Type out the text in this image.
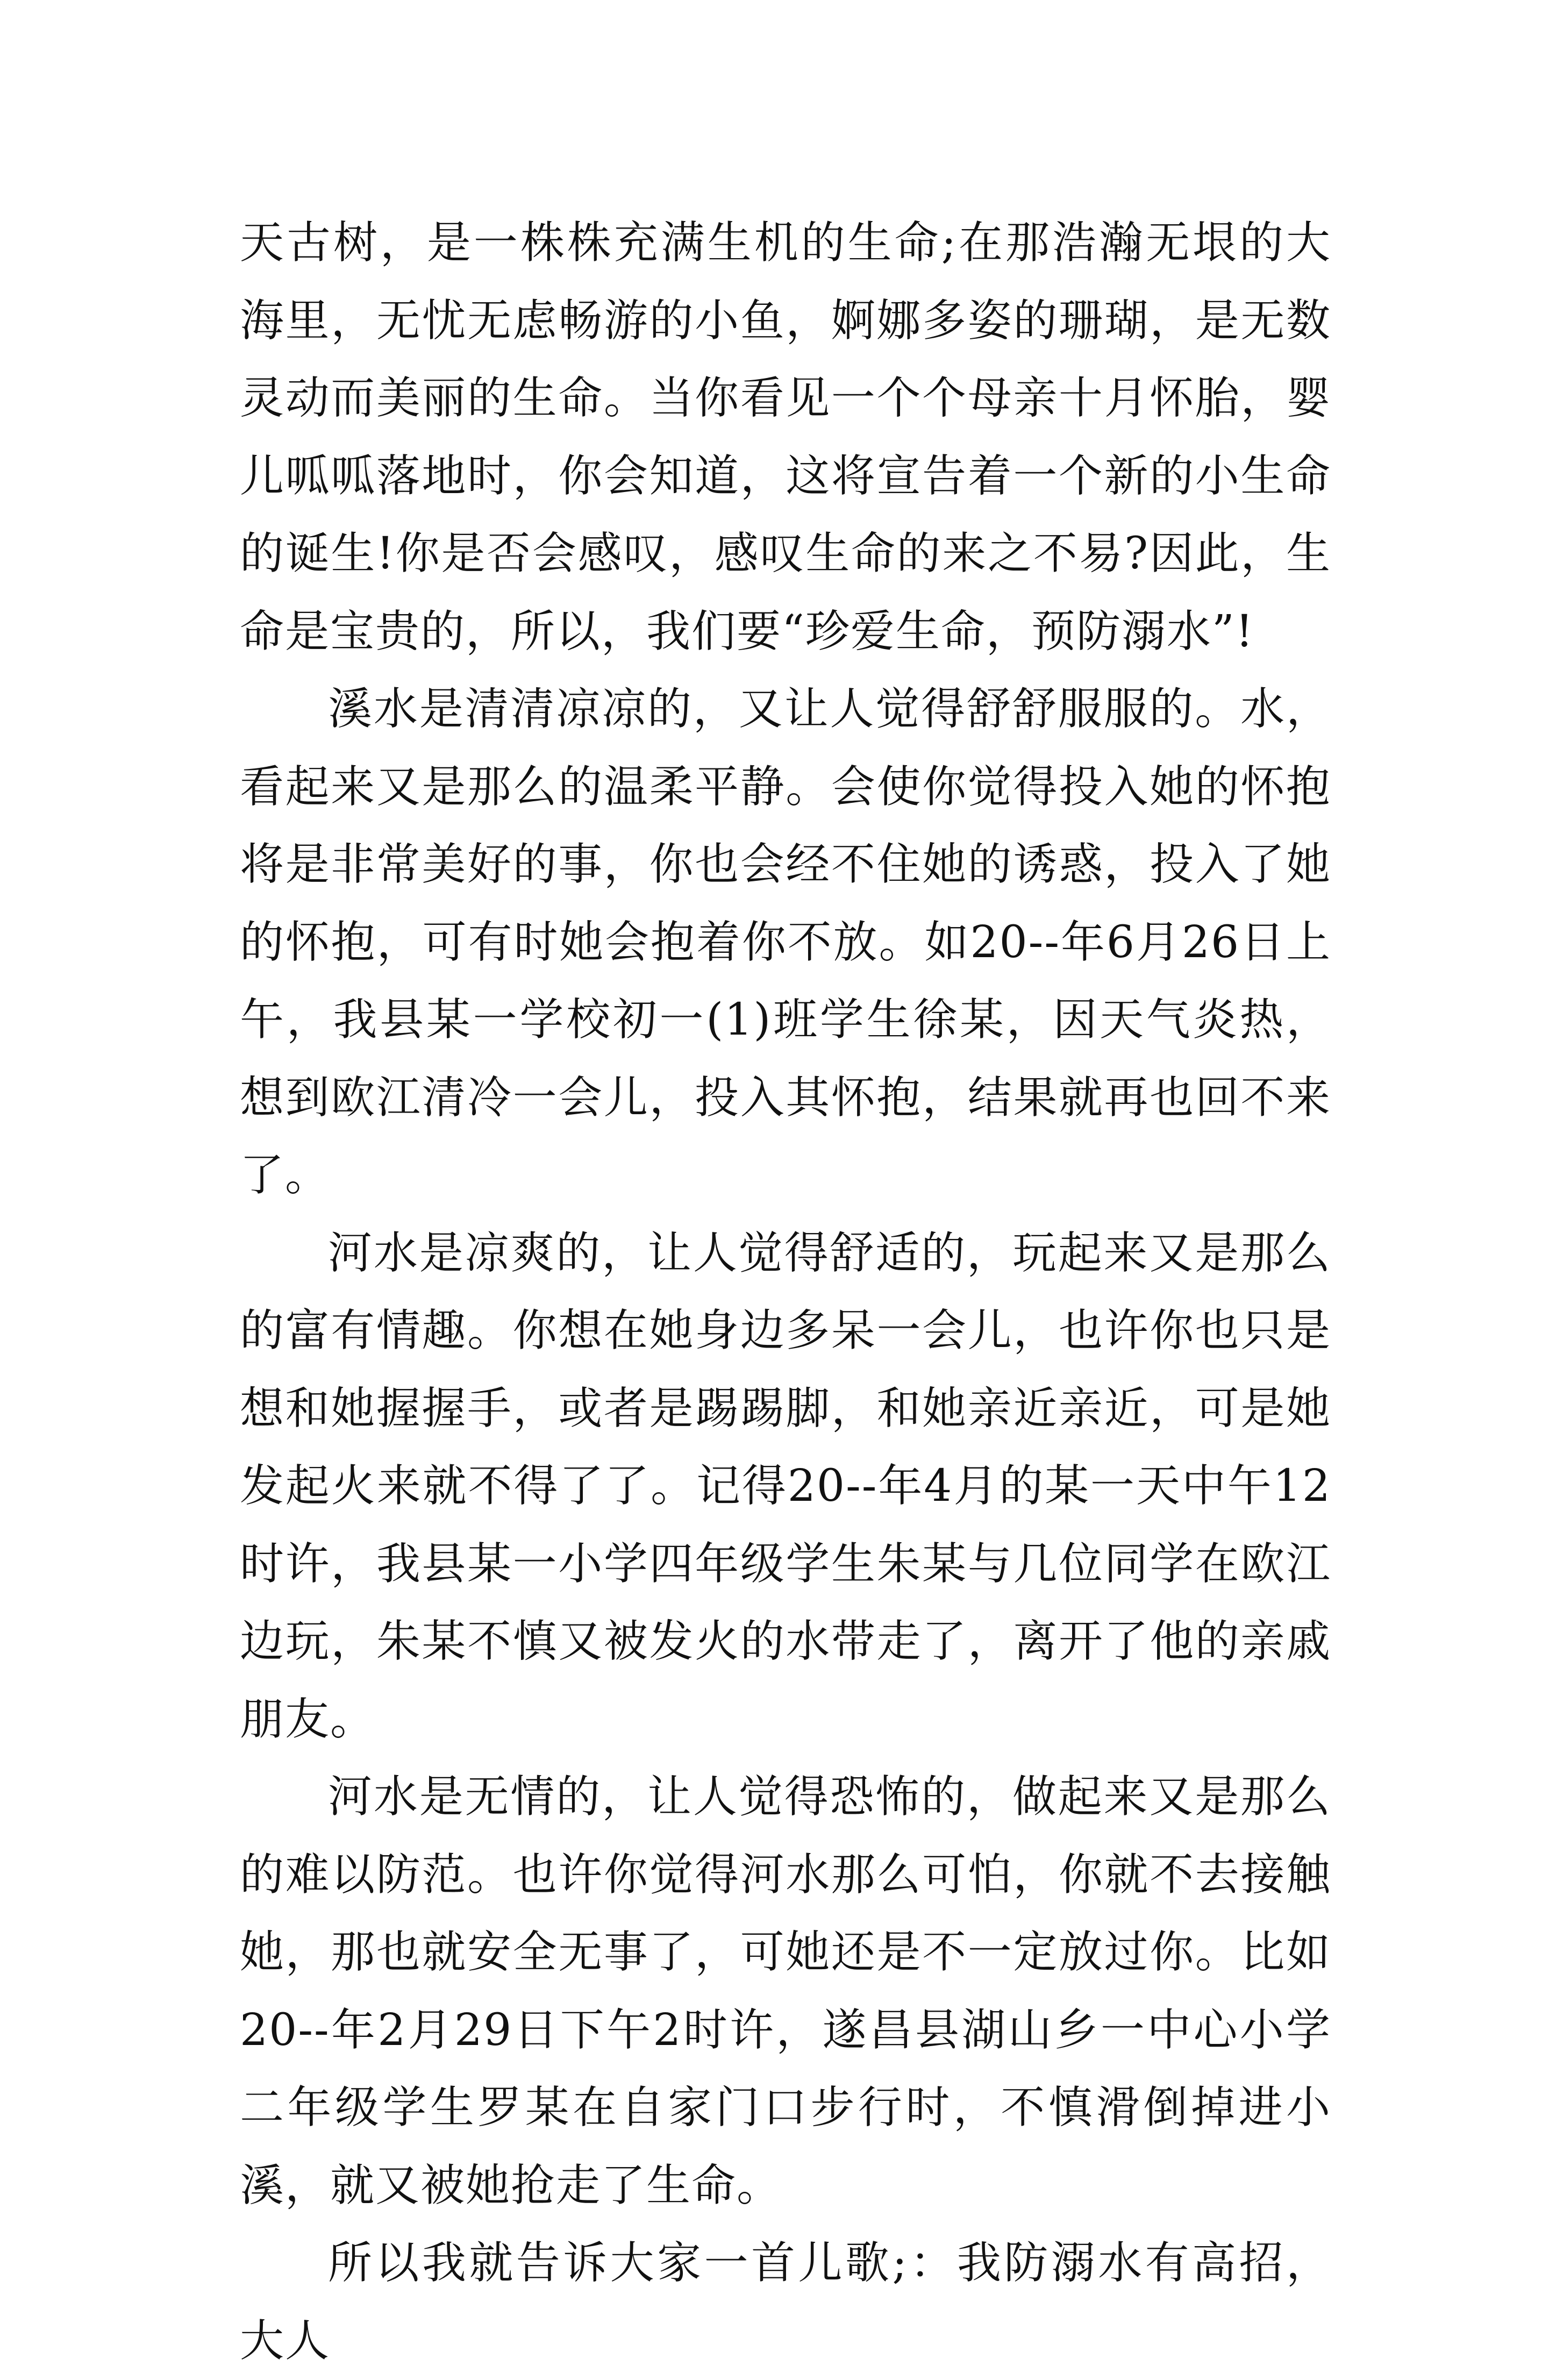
天古树，是一株株充满生机的生命;在那浩瀚无垠的大海里，无忧无虑畅游的小鱼，婀娜多姿的珊瑚，是无数灵动而美丽的生命。当你看见一个个母亲十月怀胎，婴儿呱呱落地时，你会知道，这将宣告着一个新的小生命的诞生!你是否会感叹，感叹生命的来之不易?因此，生命是宝贵的，所以，我们要“珍爱生命，预防溺水”!

溪水是清清凉凉的，又让人觉得舒舒服服的。水，看起来又是那么的温柔平静。会使你觉得投入她的怀抱将是非常美好的事，你也会经不住她的诱惑，投入了她的怀抱，可有时她会抱着你不放。如20--年6月26日上午，我县某一学校初一(1)班学生徐某，因天气炎热，想到欧江清冷一会儿，投入其怀抱，结果就再也回不来了。

河水是凉爽的，让人觉得舒适的，玩起来又是那么的富有情趣。你想在她身边多呆一会儿，也许你也只是想和她握握手，或者是踢踢脚，和她亲近亲近，可是她发起火来就不得了了。记得20--年4月的某一天中午12时许，我县某一小学四年级学生朱某与几位同学在欧江边玩，朱某不慎又被发火的水带走了，离开了他的亲戚朋友。

河水是无情的，让人觉得恐怖的，做起来又是那么的难以防范。也许你觉得河水那么可怕，你就不去接触她，那也就安全无事了，可她还是不一定放过你。比如20--年2月29日下午2时许，遂昌县湖山乡一中心小学二年级学生罗某在自家门口步行时，不慎滑倒掉进小溪，就又被她抢走了生命。

所以我就告诉大家一首儿歌;：我防溺水有高招，大人
